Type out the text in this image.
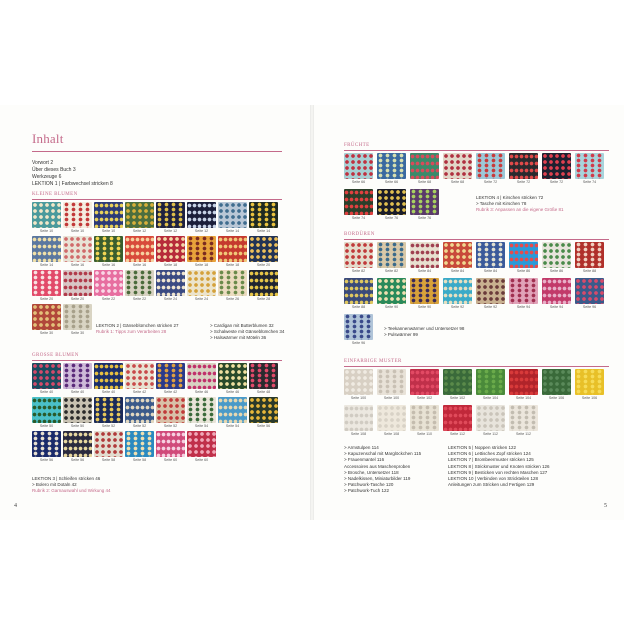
Inhalt
Vorwort 2
Über dieses Buch 3
Werkzeuge 6
LEKTION 1 | Farbwechsel stricken 8
KLEINE BLUMEN
Seite 10	Seite 10	Seite 10	Seite 12	Seite 12	Seite 12	Seite 14	Seite 14
Seite 14	Seite 16	Seite 16	Seite 16	Seite 18	Seite 18	Seite 18	Seite 20
Seite 20	Seite 20	Seite 22	Seite 22	Seite 24	Seite 24	Seite 26	Seite 28
Seite 30	Seite 30
LEKTION 2 | Gänseblümchen stricken 27
Rubrik 1: Tipps zum Verarbeiten 28
> Cardigan mit Butterblumen 32
> Schalweste mit Gänseblümchen 34
> Halswärmer mit Möteln 36
GROSSE BLUMEN
Seite 40	Seite 40	Seite 40	Seite 42	Seite 42	Seite 46	Seite 46	Seite 48
Seite 50	Seite 50	Seite 52	Seite 52	Seite 52	Seite 54	Seite 54	Seite 56
Seite 56	Seite 56	Seite 58	Seite 58	Seite 60	Seite 60
LEKTION 3 | Schleifen stricken 46
> Bolero mit Dotaln 42
Rubrik 2: Garnauswahl und Wirkung 44
4
FRÜCHTE
Seite 66	Seite 66	Seite 68	Seite 68	Seite 72	Seite 72	Seite 72	Seite 74
Seite 74	Seite 76	Seite 76
LEKTION 4 | Kirschen stricken 72
> Tasche mit Kirschen 78
Rubrik 3: Anpassen an die eigene Größe 81
BORDÜREN
Seite 82	Seite 82	Seite 84	Seite 84	Seite 84	Seite 86	Seite 86	Seite 88
Seite 88	Seite 90	Seite 90	Seite 92	Seite 92	Seite 94	Seite 94	Seite 96
Seite 96
> Teekannenwärmer und Untersetzer 98
> Pulswärmer 99
EINFARBIGE MUSTER
Seite 100	Seite 100	Seite 102	Seite 102	Seite 104	Seite 104	Seite 106	Seite 106
Seite 108	Seite 108	Seite 110	Seite 112	Seite 112	Seite 112
> Armstulpen 114
> Kapuzenschal mit Marglöckchen 115
> Frauenmantel 116
Accessoires aus Maschenproben
> Brosche, Untersetzer 118
> Nadelkissen, Miniaturbilder 119
> Patchwork-Tasche 120
> Patchwork-Tuch 122
LEKTION 5 | Noppen stricken 122
LEKTION 6 | Lettisches Zopf stricken 124
LEKTION 7 | Brombeermuster stricken 125
LEKTION 8 | Strickmuster und Knoten stricken 126
LEKTION 9 | Besticken von rechten Maschen 127
LEKTION 10 | Verbinden von Strickteilen 128
Anleitungen zum Stricken und Fertigen 129
5
